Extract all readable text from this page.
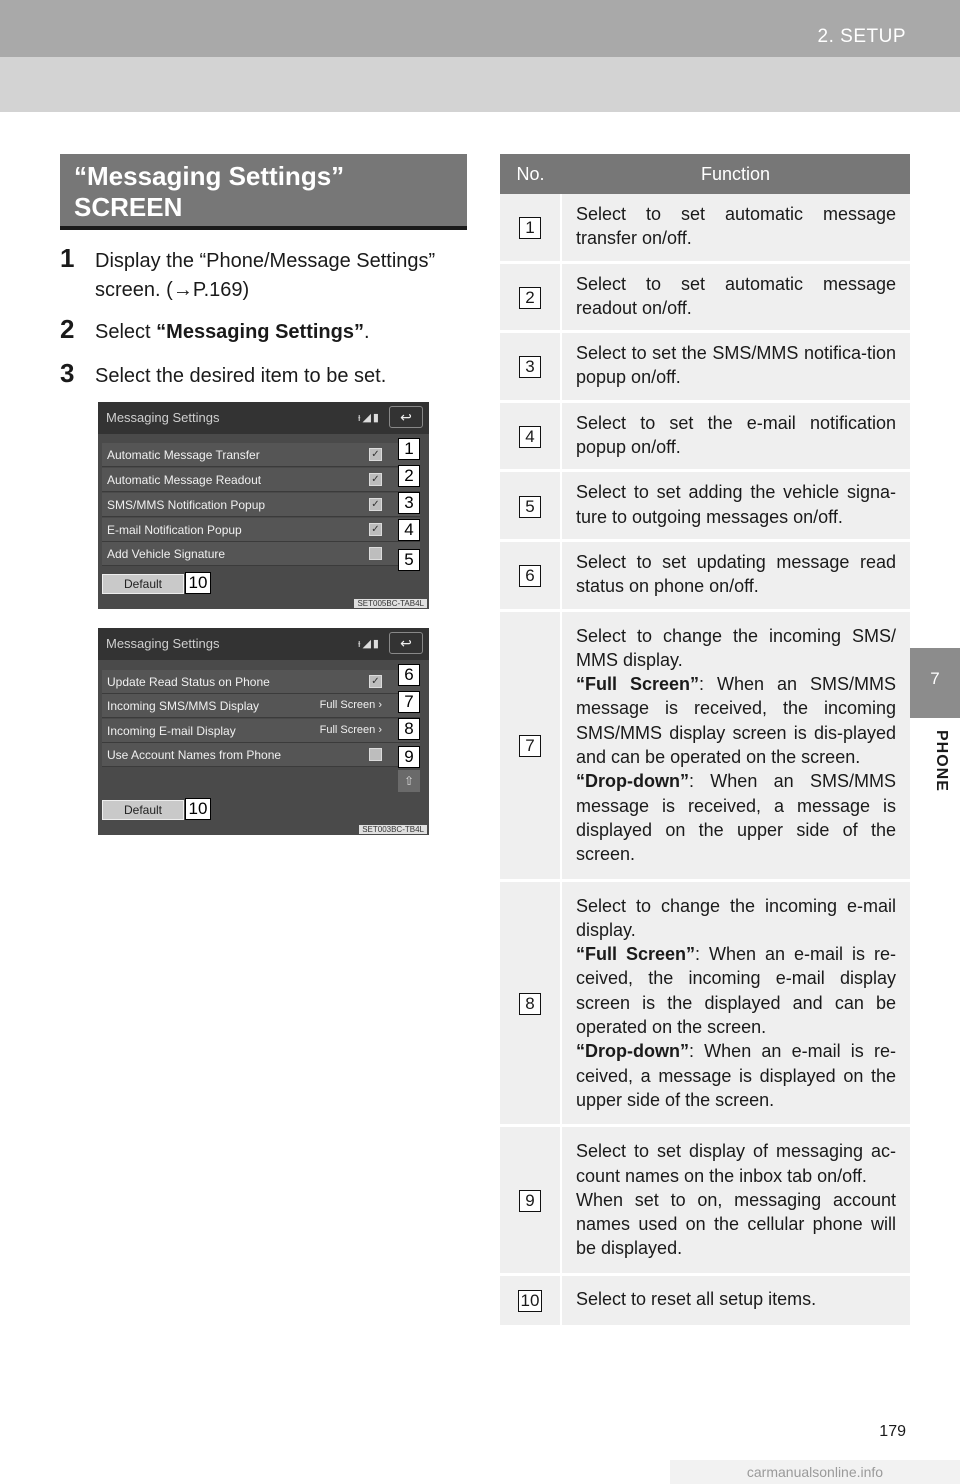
2. SETUP
“Messaging Settings”
SCREEN
1	Display the “Phone/Message Settings” screen. (→P.169)
2	Select “Messaging Settings”.
3	Select the desired item to be set.
Messaging Settings	ᵻ◢▮	↩
Automatic Message Transfer	✓	1
Automatic Message Readout	✓	2
SMS/MMS Notification Popup	✓	3
E-mail Notification Popup	✓	4
Add Vehicle Signature	5
Default	10
SET005BC-TAB4L
Messaging Settings	ᵻ◢▮	↩
Update Read Status on Phone	✓	6
Incoming SMS/MMS Display	Full Screen ›	7
Incoming E-mail Display	Full Screen ›	8
Use Account Names from Phone	9
⇧
Default	10
SET003BC-TB4L
No.	Function
1	Select to set automatic message transfer on/off.

2	Select to set automatic message readout on/off.

3	Select to set the SMS/MMS notifica-tion popup on/off.

4	Select to set the e-mail notification popup on/off.

5	Select to set adding the vehicle signa-ture to outgoing messages on/off.

6	Select to set updating message read status on phone on/off.

7	Select to change the incoming SMS/ MMS display.
“Full Screen”: When an SMS/MMS message is received, the incoming SMS/MMS display screen is dis-played and can be operated on the screen.
“Drop-down”: When an SMS/MMS message is received, a message is displayed on the upper side of the screen.

8	Select to change the incoming e-mail display.
“Full Screen”: When an e-mail is re-ceived, the incoming e-mail display screen is the displayed and can be operated on the screen.
“Drop-down”: When an e-mail is re-ceived, a message is displayed on the upper side of the screen.

9	Select to set display of messaging ac-count names on the inbox tab on/off.
When set to on, messaging account names used on the cellular phone will be displayed.

10	Select to reset all setup items.
7
PHONE
179
carmanualsonline.info
